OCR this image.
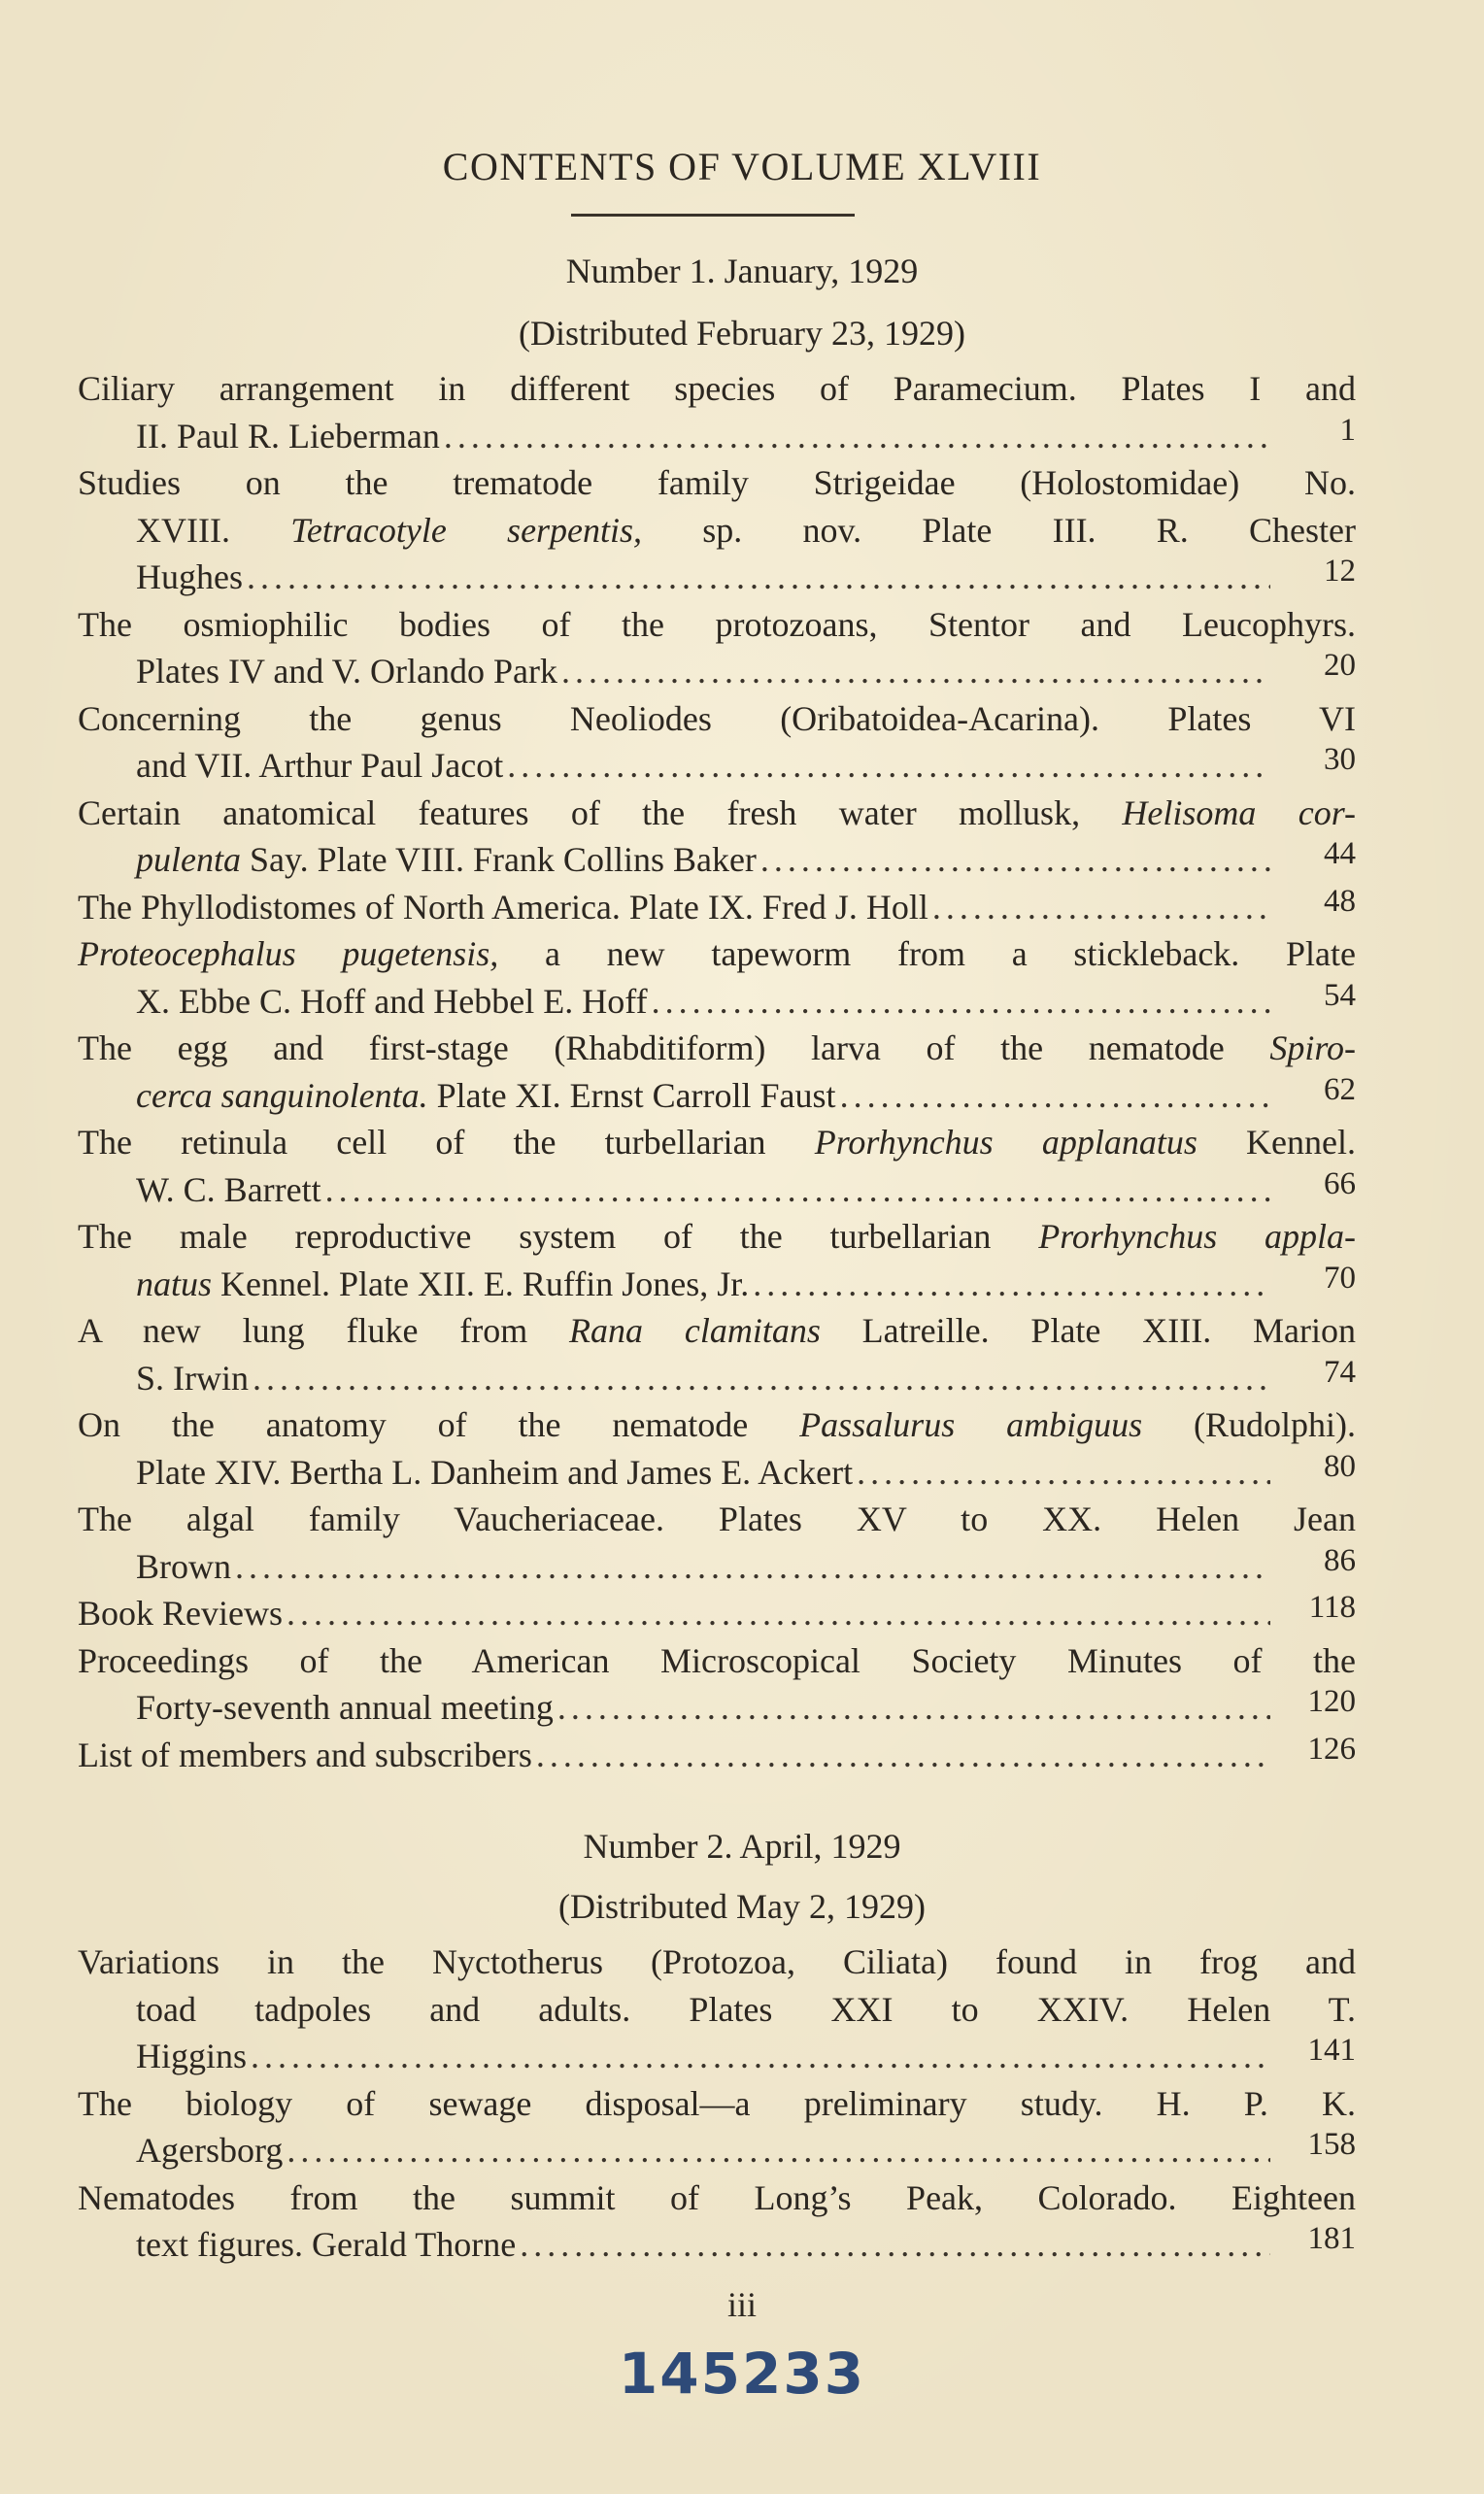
CONTENTS OF VOLUME XLVIII
Number 1. January, 1929
(Distributed February 23, 1929)
Ciliary arrangement in different species of Paramecium. Plates I and
II. Paul R. Lieberman . . .	1
Studies on the trematode family Strigeidae (Holostomidae) No.
XVIII. Tetracotyle serpentis, sp. nov. Plate III. R. Chester
Hughes . . .	12
The osmiophilic bodies of the protozoans, Stentor and Leucophyrs.
Plates IV and V. Orlando Park . . .	20
Concerning the genus Neoliodes (Oribatoidea-Acarina). Plates VI
and VII. Arthur Paul Jacot . . .	30
Certain anatomical features of the fresh water mollusk, Helisoma cor-
pulenta Say. Plate VIII. Frank Collins Baker . . .	44
The Phyllodistomes of North America. Plate IX. Fred J. Holl . . .	48
Proteocephalus pugetensis, a new tapeworm from a stickleback. Plate
X. Ebbe C. Hoff and Hebbel E. Hoff . . .	54
The egg and first-stage (Rhabditiform) larva of the nematode Spiro-
cerca sanguinolenta. Plate XI. Ernst Carroll Faust . . .	62
The retinula cell of the turbellarian Prorhynchus applanatus Kennel.
W. C. Barrett . . .	66
The male reproductive system of the turbellarian Prorhynchus appla-
natus Kennel. Plate XII. E. Ruffin Jones, Jr. . . .	70
A new lung fluke from Rana clamitans Latreille. Plate XIII. Marion
S. Irwin . . .	74
On the anatomy of the nematode Passalurus ambiguus (Rudolphi).
Plate XIV. Bertha L. Danheim and James E. Ackert . . .	80
The algal family Vaucheriaceae. Plates XV to XX. Helen Jean
Brown . . .	86
Book Reviews . . .	118
Proceedings of the American Microscopical Society Minutes of the
Forty-seventh annual meeting . . .	120
List of members and subscribers . . .	126
Number 2. April, 1929
(Distributed May 2, 1929)
Variations in the Nyctotherus (Protozoa, Ciliata) found in frog and
toad tadpoles and adults. Plates XXI to XXIV. Helen T.
Higgins . . .	141
The biology of sewage disposal—a preliminary study. H. P. K.
Agersborg . . .	158
Nematodes from the summit of Long’s Peak, Colorado. Eighteen
text figures. Gerald Thorne . . .	181
iii
145233
